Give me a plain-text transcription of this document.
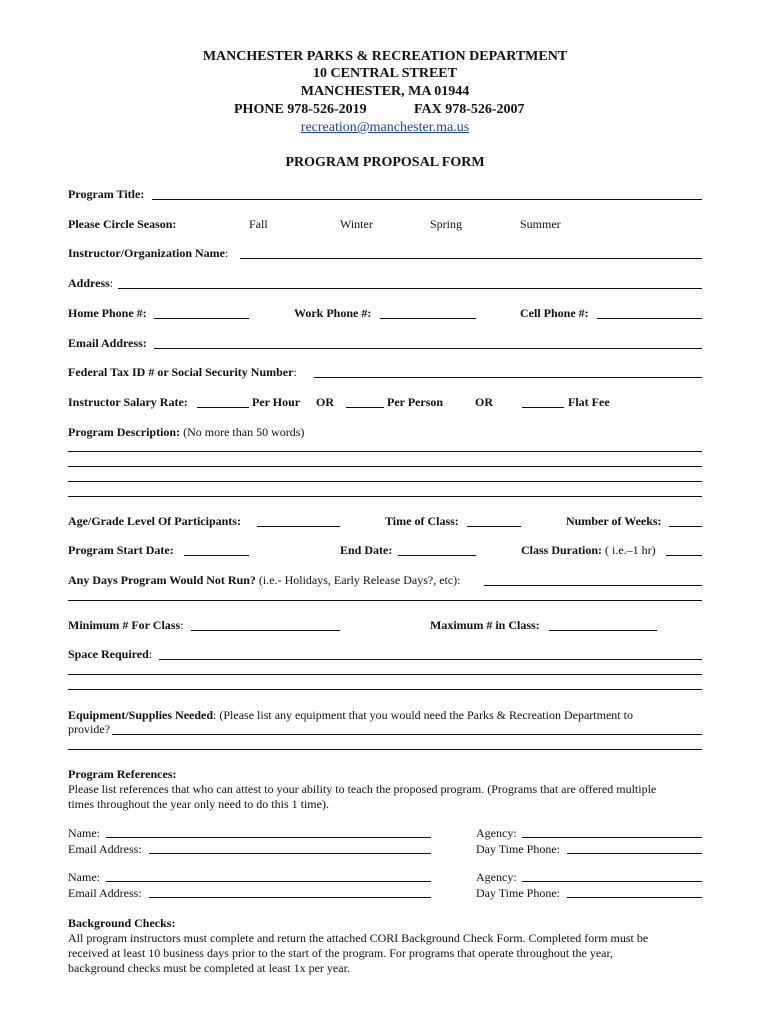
MANCHESTER PARKS & RECREATION DEPARTMENT
10 CENTRAL STREET
MANCHESTER, MA 01944
PHONE 978-526-2019	FAX 978-526-2007
recreation@manchester.ma.us
PROGRAM PROPOSAL FORM
Program Title:
Please Circle Season:	Fall	Winter	Spring	Summer
Instructor/Organization Name:
Address:
Home Phone #:	Work Phone #:	Cell Phone #:
Email Address:
Federal Tax ID # or Social Security Number:
Instructor Salary Rate:	Per Hour OR	Per Person	OR	Flat Fee
Program Description: (No more than 50 words)
Age/Grade Level Of Participants:	Time of Class:	Number of Weeks:
Program Start Date:	End Date:	Class Duration: ( i.e.–1 hr)
Any Days Program Would Not Run? (i.e.- Holidays, Early Release Days?, etc):
Minimum # For Class:	Maximum # in Class:
Space Required:
Equipment/Supplies Needed: (Please list any equipment that you would need the Parks & Recreation Department to
provide?
Program References:
Please list references that who can attest to your ability to teach the proposed program. (Programs that are offered multiple
times throughout the year only need to do this 1 time).
Name:	Agency:
Email Address:	Day Time Phone:
Name:	Agency:
Email Address:	Day Time Phone:
Background Checks:
All program instructors must complete and return the attached CORI Background Check Form. Completed form must be
received at least 10 business days prior to the start of the program. For programs that operate throughout the year,
background checks must be completed at least 1x per year.
